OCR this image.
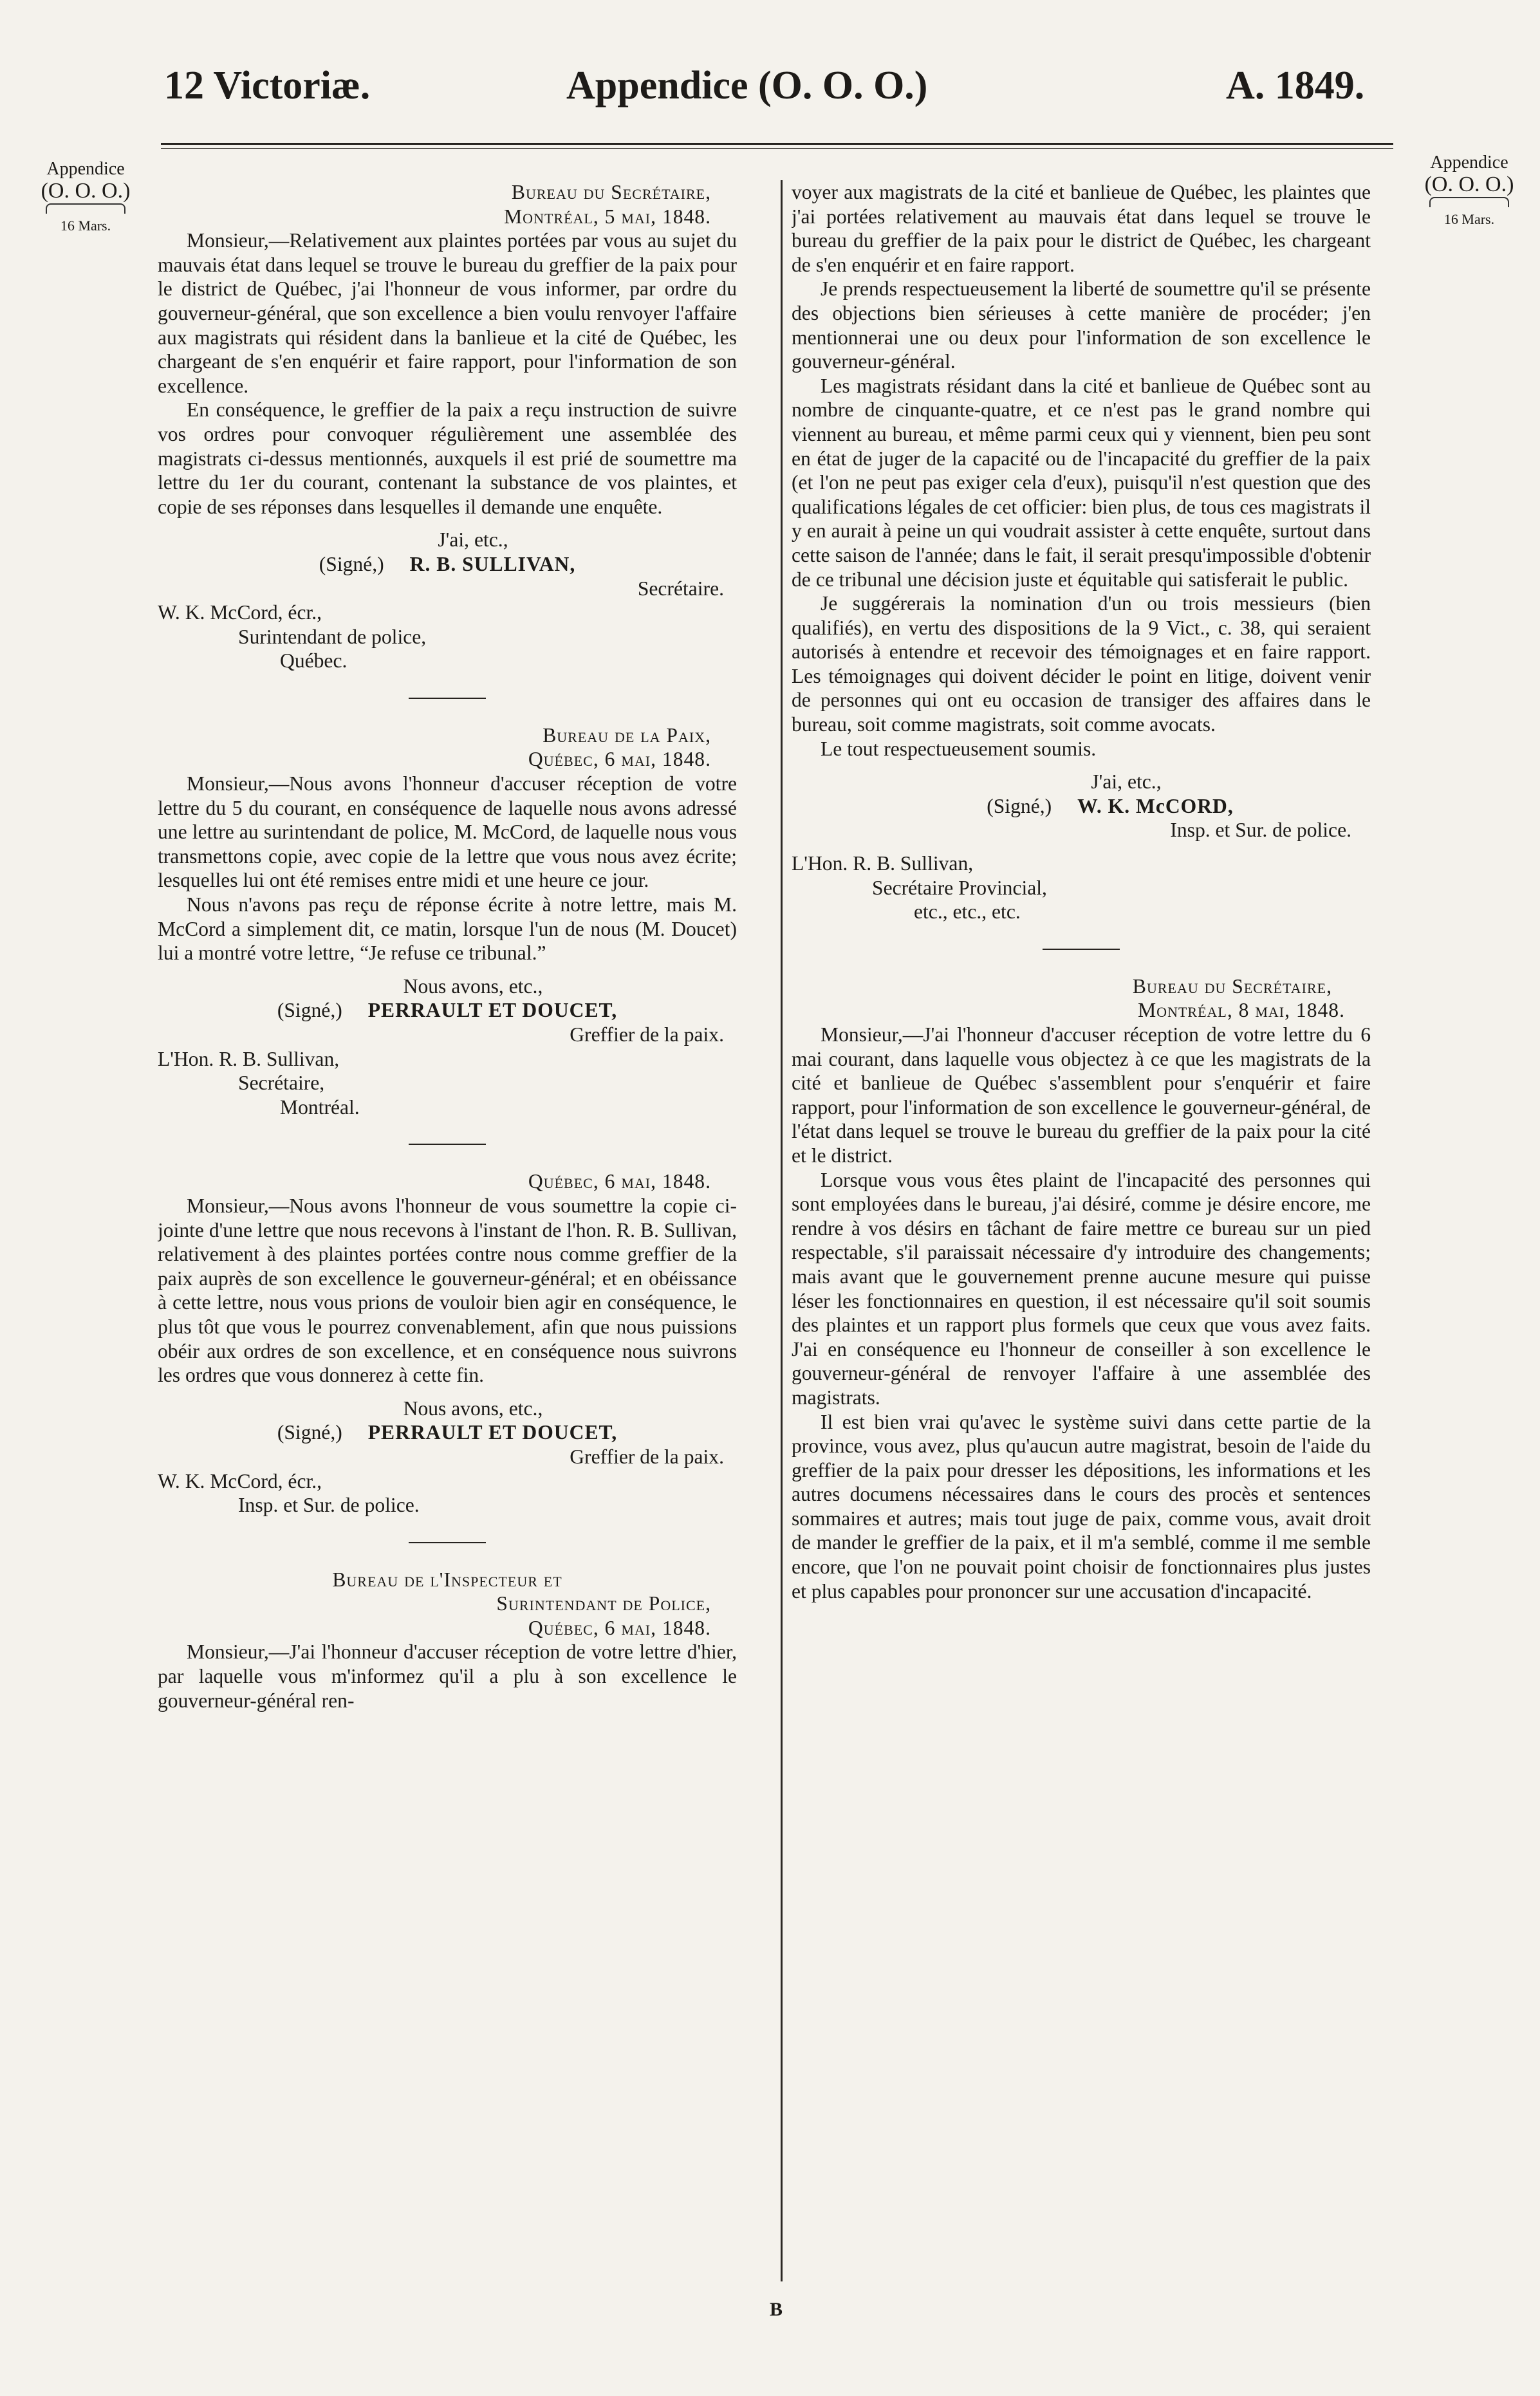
12 Victoriæ.	Appendice (O. O. O.)	A. 1849.
Appendice
(O. O. O.)
16 Mars.
Appendice
(O. O. O.)
16 Mars.

Bureau du Secrétaire,

Montréal, 5 mai, 1848.

Monsieur,—Relativement aux plaintes portées par vous au sujet du mauvais état dans lequel se trouve le bureau du greffier de la paix pour le district de Québec, j'ai l'honneur de vous informer, par ordre du gouverneur-général, que son excellence a bien voulu renvoyer l'affaire aux magistrats qui résident dans la banlieue et la cité de Québec, les chargeant de s'en enquérir et faire rapport, pour l'information de son excellence.

En conséquence, le greffier de la paix a reçu instruction de suivre vos ordres pour convoquer régulièrement une assemblée des magistrats ci-dessus mentionnés, auxquels il est prié de soumettre ma lettre du 1er du courant, contenant la substance de vos plaintes, et copie de ses réponses dans lesquelles il demande une enquête.

J'ai, etc.,

(Signé,) R. B. SULLIVAN,

Secrétaire.

W. K. McCord, écr.,

Surintendant de police,

Québec.

Bureau de la Paix,

Québec, 6 mai, 1848.

Monsieur,—Nous avons l'honneur d'accuser réception de votre lettre du 5 du courant, en conséquence de laquelle nous avons adressé une lettre au surintendant de police, M. McCord, de laquelle nous vous transmettons copie, avec copie de la lettre que vous nous avez écrite; lesquelles lui ont été remises entre midi et une heure ce jour.

Nous n'avons pas reçu de réponse écrite à notre lettre, mais M. McCord a simplement dit, ce matin, lorsque l'un de nous (M. Doucet) lui a montré votre lettre, “Je refuse ce tribunal.”

Nous avons, etc.,

(Signé,) PERRAULT ET DOUCET,

Greffier de la paix.

L'Hon. R. B. Sullivan,

Secrétaire,

Montréal.

Québec, 6 mai, 1848.

Monsieur,—Nous avons l'honneur de vous soumettre la copie ci-jointe d'une lettre que nous recevons à l'instant de l'hon. R. B. Sullivan, relativement à des plaintes portées contre nous comme greffier de la paix auprès de son excellence le gouverneur-général; et en obéissance à cette lettre, nous vous prions de vouloir bien agir en conséquence, le plus tôt que vous le pourrez convenablement, afin que nous puissions obéir aux ordres de son excellence, et en conséquence nous suivrons les ordres que vous donnerez à cette fin.

Nous avons, etc.,

(Signé,) PERRAULT ET DOUCET,

Greffier de la paix.

W. K. McCord, écr.,

Insp. et Sur. de police.

Bureau de l'Inspecteur et

Surintendant de Police,

Québec, 6 mai, 1848.

Monsieur,—J'ai l'honneur d'accuser réception de votre lettre d'hier, par laquelle vous m'informez qu'il a plu à son excellence le gouverneur-général ren-

voyer aux magistrats de la cité et banlieue de Québec, les plaintes que j'ai portées relativement au mauvais état dans lequel se trouve le bureau du greffier de la paix pour le district de Québec, les chargeant de s'en enquérir et en faire rapport.

Je prends respectueusement la liberté de soumettre qu'il se présente des objections bien sérieuses à cette manière de procéder; j'en mentionnerai une ou deux pour l'information de son excellence le gouverneur-général.

Les magistrats résidant dans la cité et banlieue de Québec sont au nombre de cinquante-quatre, et ce n'est pas le grand nombre qui viennent au bureau, et même parmi ceux qui y viennent, bien peu sont en état de juger de la capacité ou de l'incapacité du greffier de la paix (et l'on ne peut pas exiger cela d'eux), puisqu'il n'est question que des qualifications légales de cet officier: bien plus, de tous ces magistrats il y en aurait à peine un qui voudrait assister à cette enquête, surtout dans cette saison de l'année; dans le fait, il serait presqu'impossible d'obtenir de ce tribunal une décision juste et équitable qui satisferait le public.

Je suggérerais la nomination d'un ou trois messieurs (bien qualifiés), en vertu des dispositions de la 9 Vict., c. 38, qui seraient autorisés à entendre et recevoir des témoignages et en faire rapport. Les témoignages qui doivent décider le point en litige, doivent venir de personnes qui ont eu occasion de transiger des affaires dans le bureau, soit comme magistrats, soit comme avocats.

Le tout respectueusement soumis.

J'ai, etc.,

(Signé,) W. K. McCORD,

Insp. et Sur. de police.

L'Hon. R. B. Sullivan,

Secrétaire Provincial,

etc., etc., etc.

Bureau du Secrétaire,

Montréal, 8 mai, 1848.

Monsieur,—J'ai l'honneur d'accuser réception de votre lettre du 6 mai courant, dans laquelle vous objectez à ce que les magistrats de la cité et banlieue de Québec s'assemblent pour s'enquérir et faire rapport, pour l'information de son excellence le gouverneur-général, de l'état dans lequel se trouve le bureau du greffier de la paix pour la cité et le district.

Lorsque vous vous êtes plaint de l'incapacité des personnes qui sont employées dans le bureau, j'ai désiré, comme je désire encore, me rendre à vos désirs en tâchant de faire mettre ce bureau sur un pied respectable, s'il paraissait nécessaire d'y introduire des changements; mais avant que le gouvernement prenne aucune mesure qui puisse léser les fonctionnaires en question, il est nécessaire qu'il soit soumis des plaintes et un rapport plus formels que ceux que vous avez faits. J'ai en conséquence eu l'honneur de conseiller à son excellence le gouverneur-général de renvoyer l'affaire à une assemblée des magistrats.

Il est bien vrai qu'avec le système suivi dans cette partie de la province, vous avez, plus qu'aucun autre magistrat, besoin de l'aide du greffier de la paix pour dresser les dépositions, les informations et les autres documens nécessaires dans le cours des procès et sentences sommaires et autres; mais tout juge de paix, comme vous, avait droit de mander le greffier de la paix, et il m'a semblé, comme il me semble encore, que l'on ne pouvait point choisir de fonctionnaires plus justes et plus capables pour prononcer sur une accusation d'incapacité.

B
